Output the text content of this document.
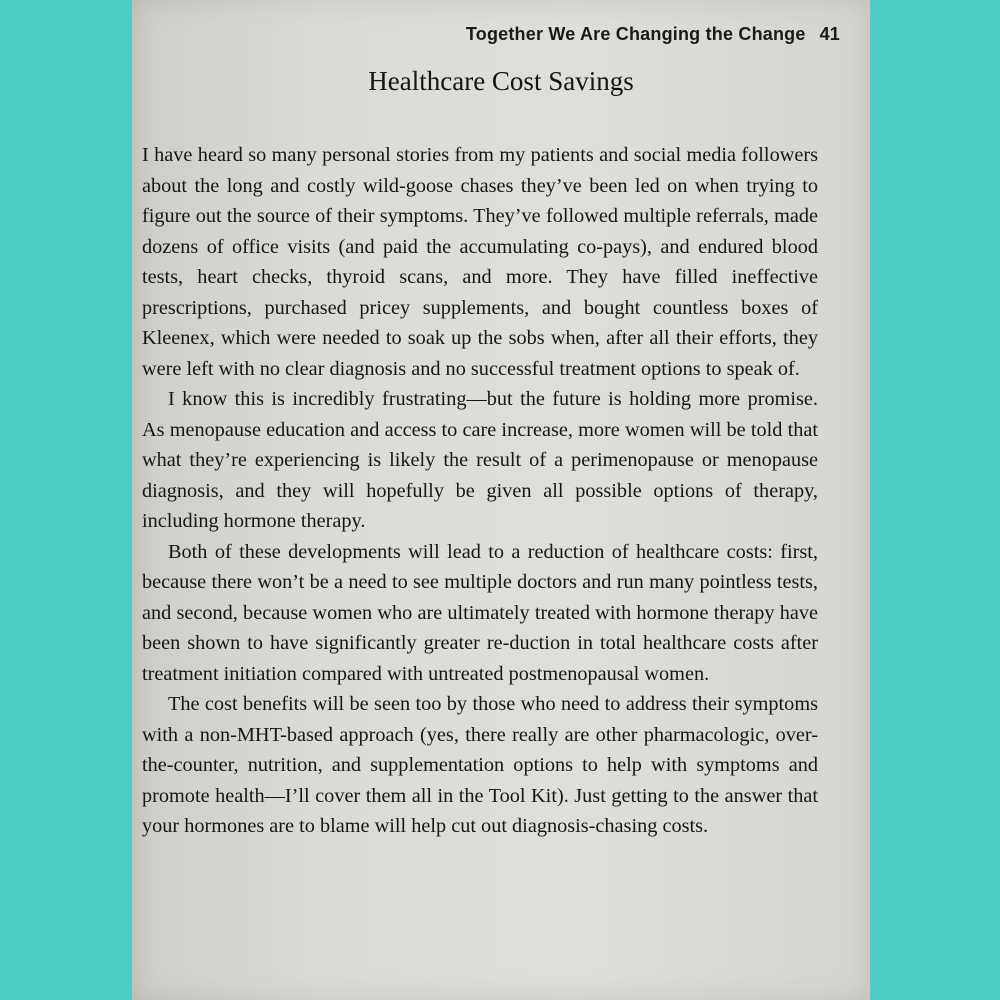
Together We Are Changing the Change 41
Healthcare Cost Savings

I have heard so many personal stories from my patients and social media followers about the long and costly wild-goose chases they’ve been led on when trying to figure out the source of their symptoms. They’ve followed multiple referrals, made dozens of office visits (and paid the accumulating co-pays), and endured blood tests, heart checks, thyroid scans, and more. They have filled ineffective prescriptions, purchased pricey supplements, and bought countless boxes of Kleenex, which were needed to soak up the sobs when, after all their efforts, they were left with no clear diagnosis and no successful treatment options to speak of.

I know this is incredibly frustrating—but the future is holding more promise. As menopause education and access to care increase, more women will be told that what they’re experiencing is likely the result of a perimenopause or menopause diagnosis, and they will hopefully be given all possible options of therapy, including hormone therapy.

Both of these developments will lead to a reduction of healthcare costs: first, because there won’t be a need to see multiple doctors and run many pointless tests, and second, because women who are ultimately treated with hormone therapy have been shown to have significantly greater re-duction in total healthcare costs after treatment initiation compared with untreated postmenopausal women.

The cost benefits will be seen too by those who need to address their symptoms with a non-MHT-based approach (yes, there really are other pharmacologic, over-the-counter, nutrition, and supplementation options to help with symptoms and promote health—I’ll cover them all in the Tool Kit). Just getting to the answer that your hormones are to blame will help cut out diagnosis-chasing costs.
